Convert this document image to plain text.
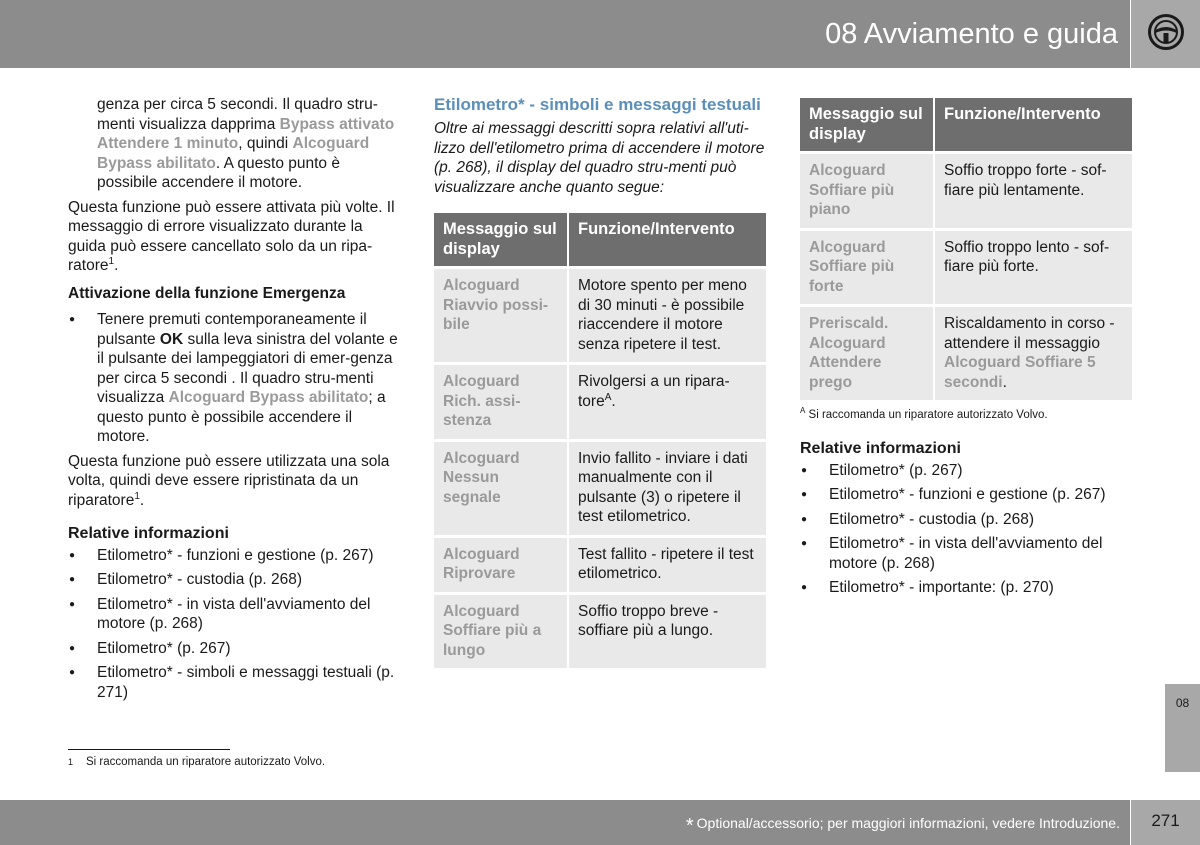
08 Avviamento e guida

genza per circa 5 secondi. Il quadro stru-menti visualizza dapprima Bypass attivato Attendere 1 minuto, quindi Alcoguard Bypass abilitato. A questo punto è possibile accendere il motore.

Questa funzione può essere attivata più volte. Il messaggio di errore visualizzato durante la guida può essere cancellato solo da un ripa-ratore$^1$.

Attivazione della funzione Emergenza
● Tenere premuti contemporaneamente il pulsante OK sulla leva sinistra del volante e il pulsante dei lampeggiatori di emer-genza per circa 5 secondi . Il quadro stru-menti visualizza Alcoguard Bypass abilitato; a questo punto è possibile accendere il motore.

Questa funzione può essere utilizzata una sola volta, quindi deve essere ripristinata da un riparatore$^1$.

Relative informazioni
● Etilometro* - funzioni e gestione (p. 267)
● Etilometro* - custodia (p. 268)
● Etilometro* - in vista dell'avviamento del motore (p. 268)
● Etilometro* (p. 267)
● Etilometro* - simboli e messaggi testuali (p. 271)
Etilometro* - simboli e messaggi testuali

Oltre ai messaggi descritti sopra relativi all'uti-lizzo dell'etilometro prima di accendere il motore (p. 268), il display del quadro stru-menti può visualizzare anche quanto segue:

Messaggio sul display	Funzione/Intervento
Alcoguard Riavvio possi-bile	Motore spento per meno di 30 minuti - è possibile riaccendere il motore senza ripetere il test.
Alcoguard Rich. assi-stenza	Rivolgersi a un ripara-tore$^A$.
Alcoguard Nessun segnale	Invio fallito - inviare i dati manualmente con il pulsante (3) o ripetere il test etilometrico.
Alcoguard Riprovare	Test fallito - ripetere il test etilometrico.
Alcoguard Soffiare più a lungo	Soffio troppo breve - soffiare più a lungo.
Messaggio sul display	Funzione/Intervento
Alcoguard Soffiare più piano	Soffio troppo forte - sof-fiare più lentamente.
Alcoguard Soffiare più forte	Soffio troppo lento - sof-fiare più forte.
Preriscald. Alcoguard Attendere prego	Riscaldamento in corso - attendere il messaggio Alcoguard Soffiare 5 secondi.
$^A$ Si raccomanda un riparatore autorizzato Volvo.
Relative informazioni
● Etilometro* (p. 267)
● Etilometro* - funzioni e gestione (p. 267)
● Etilometro* - custodia (p. 268)
● Etilometro* - in vista dell'avviamento del motore (p. 268)
● Etilometro* - importante: (p. 270)
1 Si raccomanda un riparatore autorizzato Volvo.
08
* Optional/accessorio; per maggiori informazioni, vedere Introduzione.	271
